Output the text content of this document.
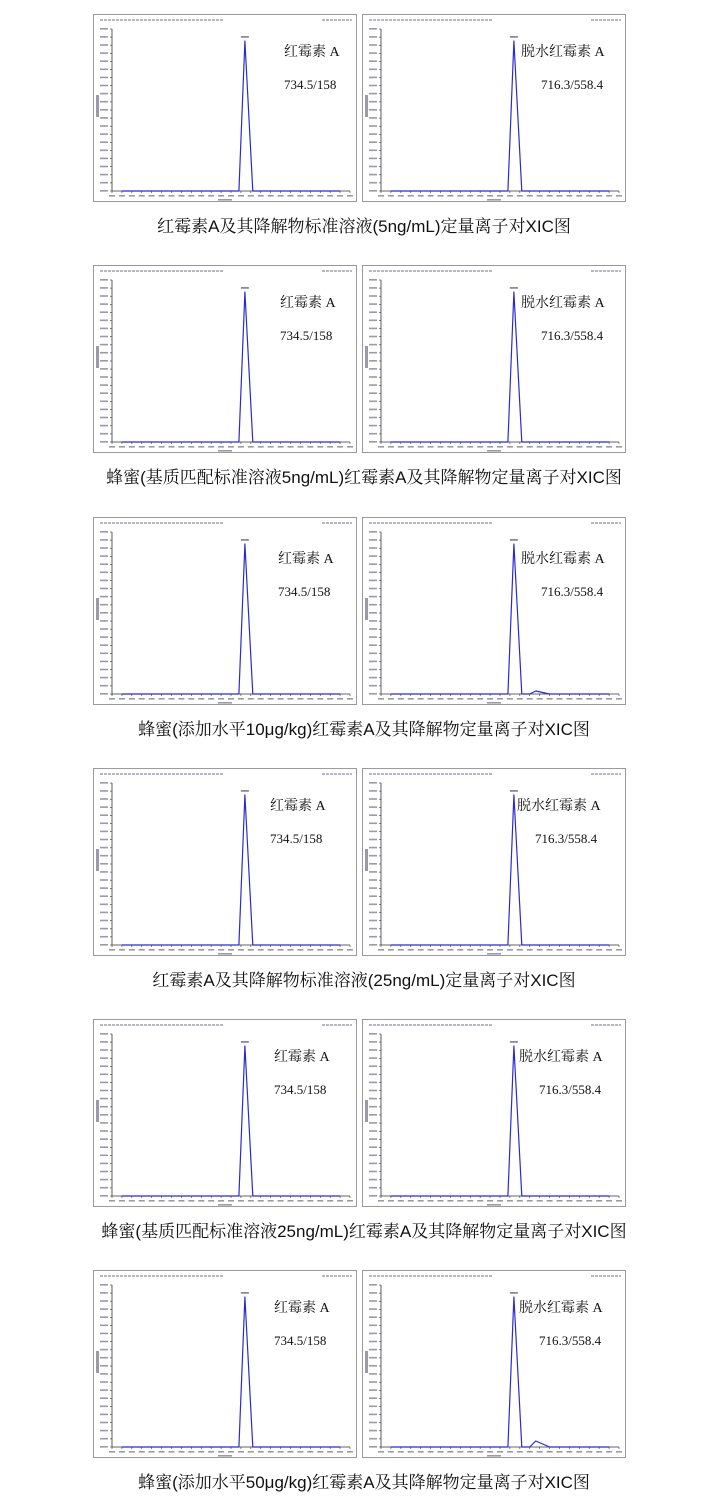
红霉素 A
734.5/158
脱水红霉素 A
716.3/558.4
红霉素A及其降解物标准溶液(5ng/mL)定量离子对XIC图
红霉素 A
734.5/158
脱水红霉素 A
716.3/558.4
蜂蜜(基质匹配标准溶液5ng/mL)红霉素A及其降解物定量离子对XIC图
红霉素 A
734.5/158
脱水红霉素 A
716.3/558.4
蜂蜜(添加水平10μg/kg)红霉素A及其降解物定量离子对XIC图
红霉素 A
734.5/158
脱水红霉素 A
716.3/558.4
红霉素A及其降解物标准溶液(25ng/mL)定量离子对XIC图
红霉素 A
734.5/158
脱水红霉素 A
716.3/558.4
蜂蜜(基质匹配标准溶液25ng/mL)红霉素A及其降解物定量离子对XIC图
红霉素 A
734.5/158
脱水红霉素 A
716.3/558.4
蜂蜜(添加水平50μg/kg)红霉素A及其降解物定量离子对XIC图
